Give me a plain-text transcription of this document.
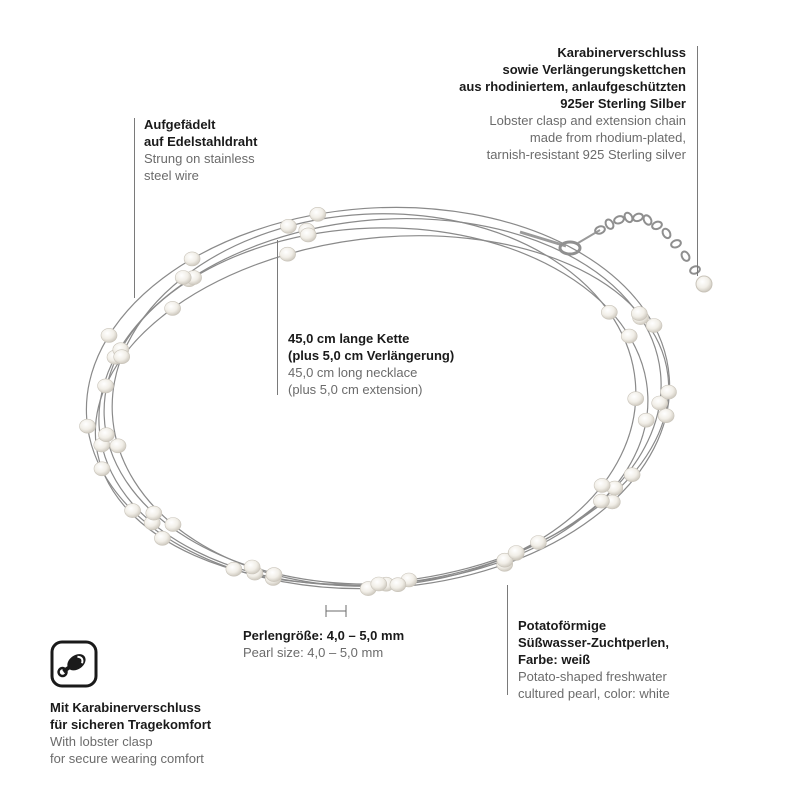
Karabinerverschluss
sowie Verlängerungskettchen
aus rhodiniertem, anlaufgeschützten
925er Sterling Silber
Lobster clasp and extension chain
made from rhodium-plated,
tarnish-resistant 925 Sterling silver
Aufgefädelt
auf Edelstahldraht
Strung on stainless
steel wire
45,0 cm lange Kette
(plus 5,0 cm Verlängerung)
45,0 cm long necklace
(plus 5,0 cm extension)
Perlengröße: 4,0 – 5,0 mm
Pearl size: 4,0 – 5,0 mm
Potatoförmige
Süßwasser-Zuchtperlen,
Farbe: weiß
Potato-shaped freshwater
cultured pearl, color: white
Mit Karabinerverschluss
für sicheren Tragekomfort
With lobster clasp
for secure wearing comfort
